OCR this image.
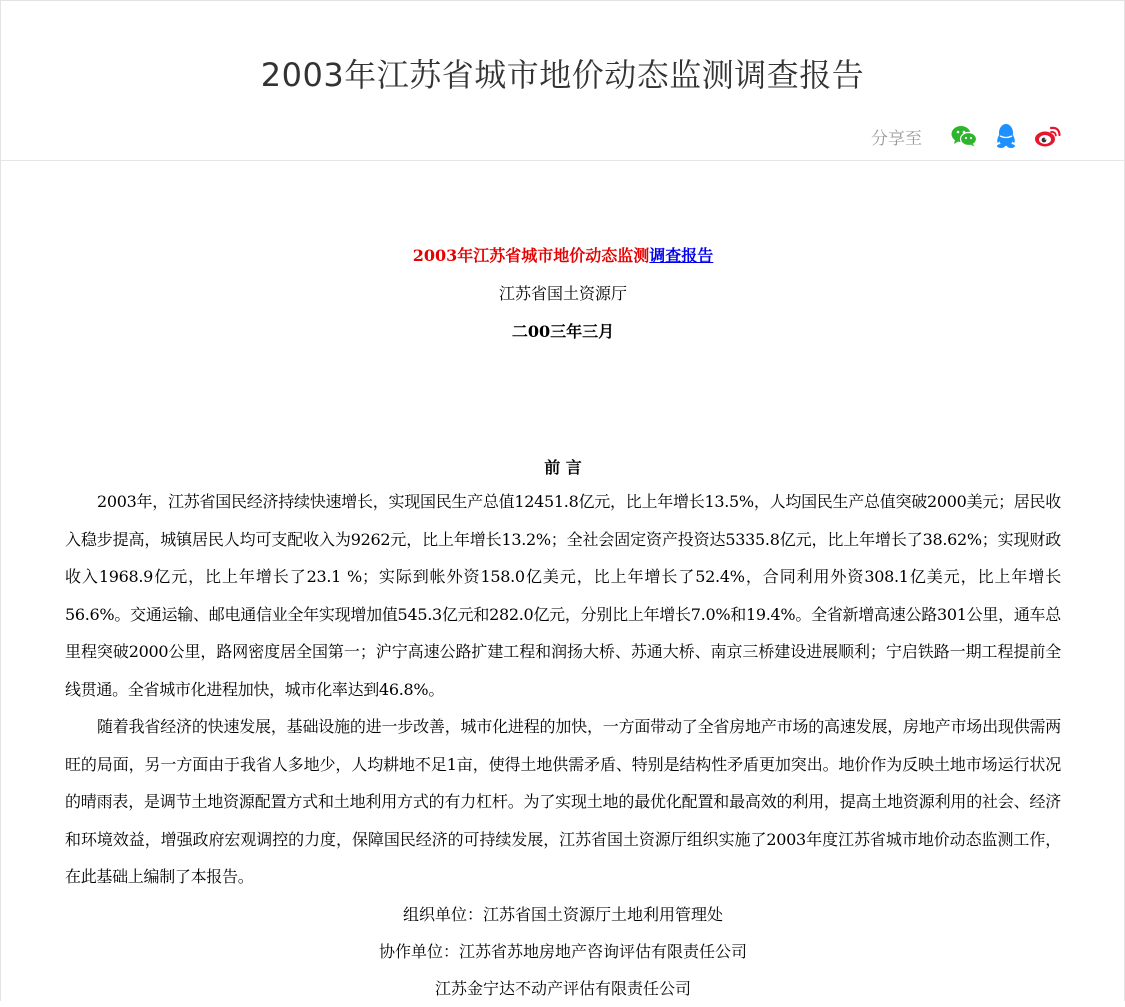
2003年江苏省城市地价动态监测调查报告
分享至
2003年江苏省城市地价动态监测调查报告
江苏省国土资源厅
二00三年三月
前 言

2003年，江苏省国民经济持续快速增长，实现国民生产总值12451.8亿元，比上年增长13.5%，人均国民生产总值突破2000美元；居民收入稳步提高，城镇居民人均可支配收入为9262元，比上年增长13.2%；全社会固定资产投资达5335.8亿元，比上年增长了38.62%；实现财政收入1968.9亿元，比上年增长了23.1 %；实际到帐外资158.0亿美元，比上年增长了52.4%，合同利用外资308.1亿美元，比上年增长56.6%。交通运输、邮电通信业全年实现增加值545.3亿元和282.0亿元，分别比上年增长7.0%和19.4%。全省新增高速公路301公里，通车总里程突破2000公里，路网密度居全国第一；沪宁高速公路扩建工程和润扬大桥、苏通大桥、南京三桥建设进展顺利；宁启铁路一期工程提前全线贯通。全省城市化进程加快，城市化率达到46.8%。

随着我省经济的快速发展，基础设施的进一步改善，城市化进程的加快，一方面带动了全省房地产市场的高速发展，房地产市场出现供需两旺的局面，另一方面由于我省人多地少，人均耕地不足1亩，使得土地供需矛盾、特别是结构性矛盾更加突出。地价作为反映土地市场运行状况的晴雨表，是调节土地资源配置方式和土地利用方式的有力杠杆。为了实现土地的最优化配置和最高效的利用，提高土地资源利用的社会、经济和环境效益，增强政府宏观调控的力度，保障国民经济的可持续发展，江苏省国土资源厅组织实施了2003年度江苏省城市地价动态监测工作，在此基础上编制了本报告。

组织单位：江苏省国土资源厅土地利用管理处
协作单位：江苏省苏地房地产咨询评估有限责任公司
江苏金宁达不动产评估有限责任公司
